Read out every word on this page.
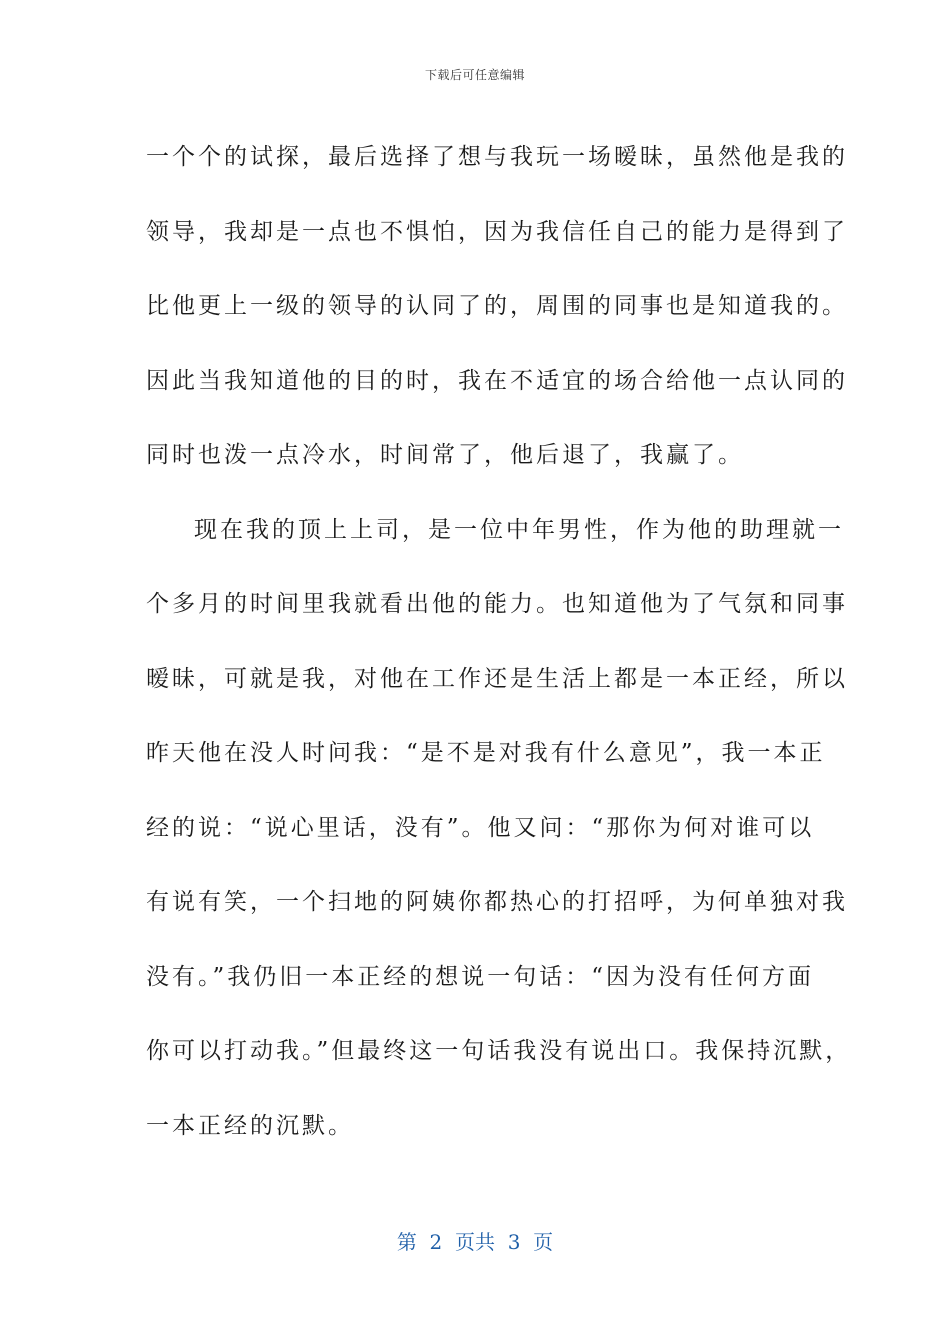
下载后可任意编辑
一个个的试探，最后选择了想与我玩一场暧昧，虽然他是我的
领导，我却是一点也不惧怕，因为我信任自己的能力是得到了
比他更上一级的领导的认同了的，周围的同事也是知道我的。
因此当我知道他的目的时，我在不适宜的场合给他一点认同的
同时也泼一点冷水，时间常了，他后退了，我赢了。
现在我的顶上上司，是一位中年男性，作为他的助理就一
个多月的时间里我就看出他的能力。也知道他为了气氛和同事
暧昧，可就是我，对他在工作还是生活上都是一本正经，所以
昨天他在没人时问我：“是不是对我有什么意见”，我一本正
经的说：“说心里话，没有”。他又问：“那你为何对谁可以
有说有笑，一个扫地的阿姨你都热心的打招呼，为何单独对我
没有。”我仍旧一本正经的想说一句话：“因为没有任何方面
你可以打动我。”但最终这一句话我没有说出口。我保持沉默，
一本正经的沉默。
第  2  页共  3  页
